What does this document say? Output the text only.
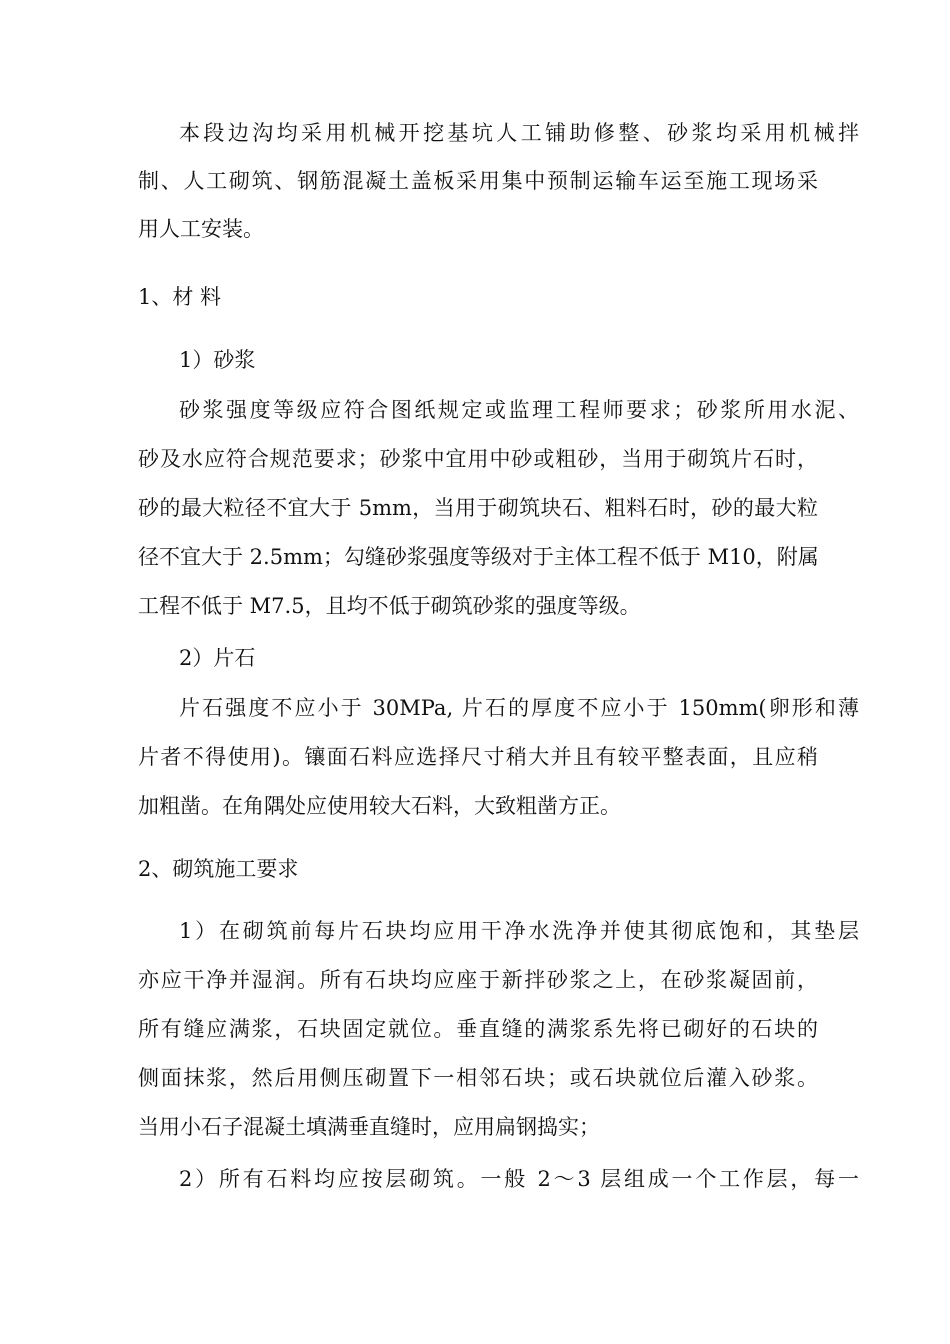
本段边沟均采用机械开挖基坑人工铺助修整、砂浆均采用机械拌
制、人工砌筑、钢筋混凝土盖板采用集中预制运输车运至施工现场采
用人工安装。
1、材 料
1）砂浆
砂浆强度等级应符合图纸规定或监理工程师要求；砂浆所用水泥、
砂及水应符合规范要求；砂浆中宜用中砂或粗砂，当用于砌筑片石时，
砂的最大粒径不宜大于 5mm，当用于砌筑块石、粗料石时，砂的最大粒
径不宜大于 2.5mm；勾缝砂浆强度等级对于主体工程不低于 M10，附属
工程不低于 M7.5，且均不低于砌筑砂浆的强度等级。
2）片石
片石强度不应小于 30MPa, 片石的厚度不应小于 150mm(卵形和薄
片者不得使用)。镶面石料应选择尺寸稍大并且有较平整表面，且应稍
加粗凿。在角隅处应使用较大石料，大致粗凿方正。
2、砌筑施工要求
1）在砌筑前每片石块均应用干净水洗净并使其彻底饱和，其垫层
亦应干净并湿润。所有石块均应座于新拌砂浆之上，在砂浆凝固前，
所有缝应满浆，石块固定就位。垂直缝的满浆系先将已砌好的石块的
侧面抹浆，然后用侧压砌置下一相邻石块；或石块就位后灌入砂浆。
当用小石子混凝土填满垂直缝时，应用扁钢捣实；
2）所有石料均应按层砌筑。一般 2～3 层组成一个工作层，每一
